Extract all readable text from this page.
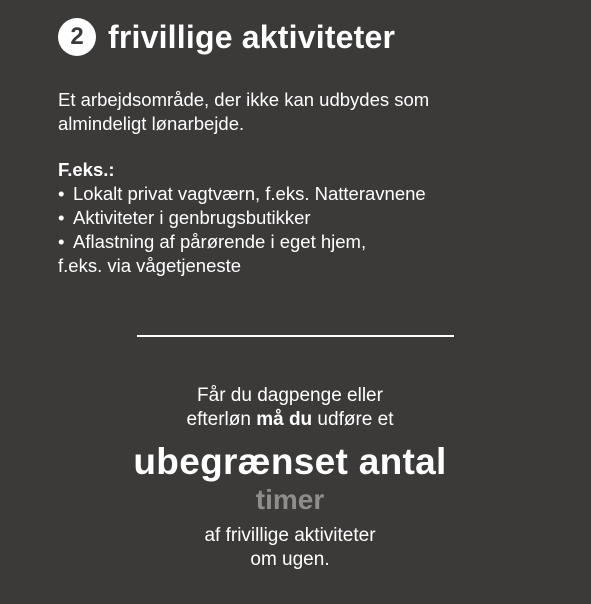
2 frivillige aktiviteter

Et arbejdsområde, der ikke kan udbydes som
almindeligt lønarbejde.

F.eks.:
• Lokalt privat vagtværn, f.eks. Natteravnene
• Aktiviteter i genbrugsbutikker
• Aflastning af pårørende i eget hjem,
f.eks. via vågetjeneste
Får du dagpenge eller
efterløn må du udføre et
ubegrænset antal
timer
af frivillige aktiviteter
om ugen.
